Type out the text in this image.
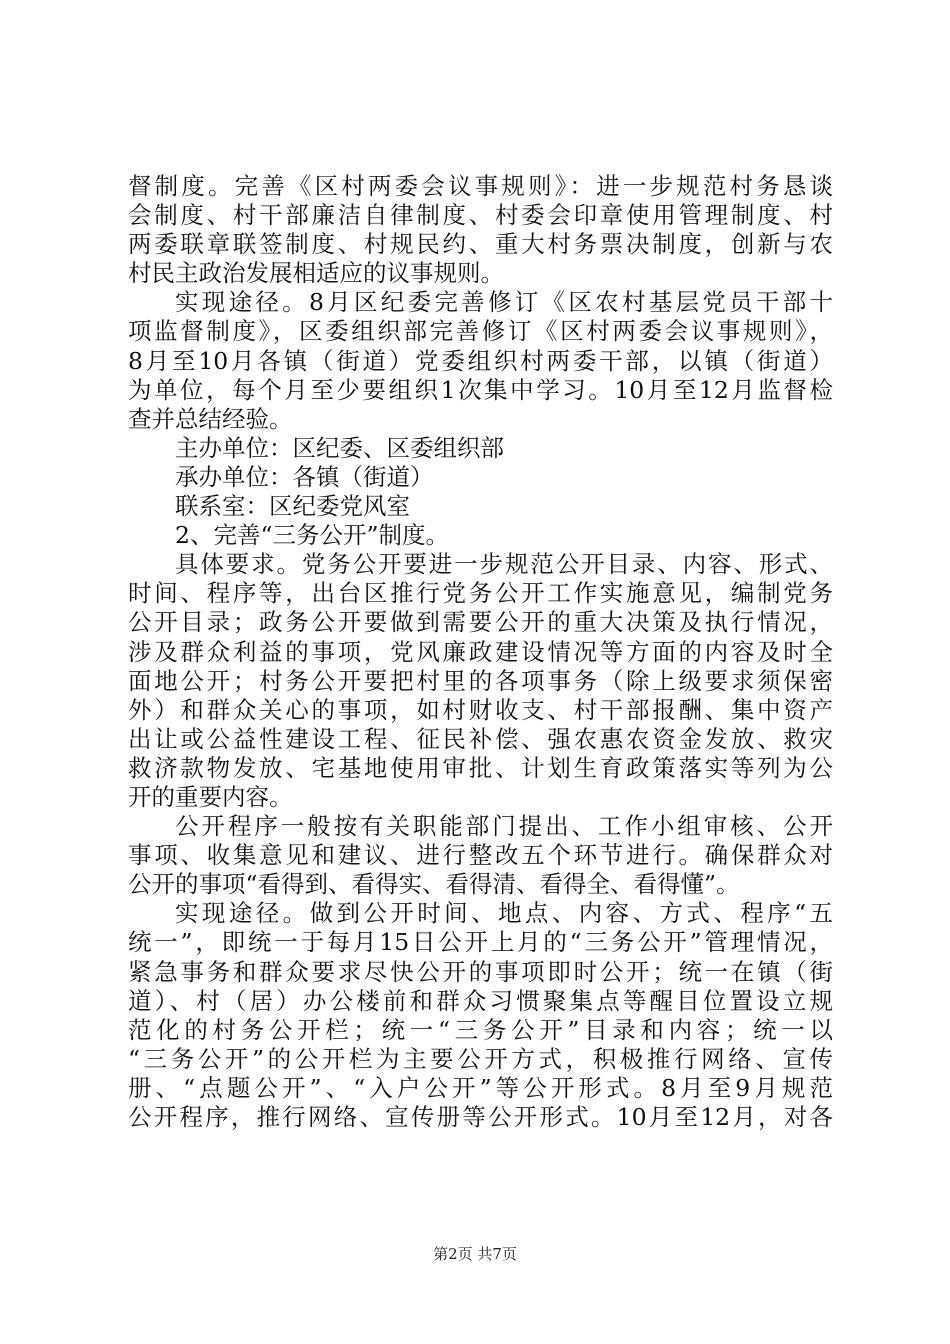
督制度。完善《区村两委会议事规则》：进一步规范村务恳谈
会制度、村干部廉洁自律制度、村委会印章使用管理制度、村
两委联章联签制度、村规民约、重大村务票决制度，创新与农
村民主政治发展相适应的议事规则。
实现途径。8月区纪委完善修订《区农村基层党员干部十
项监督制度》，区委组织部完善修订《区村两委会议事规则》，
8月至10月各镇（街道）党委组织村两委干部，以镇（街道）
为单位，每个月至少要组织1次集中学习。10月至12月监督检
查并总结经验。
主办单位：区纪委、区委组织部
承办单位：各镇（街道）
联系室：区纪委党风室
2、完善“三务公开”制度。
具体要求。党务公开要进一步规范公开目录、内容、形式、
时间、程序等，出台区推行党务公开工作实施意见，编制党务
公开目录；政务公开要做到需要公开的重大决策及执行情况，
涉及群众利益的事项，党风廉政建设情况等方面的内容及时全
面地公开；村务公开要把村里的各项事务（除上级要求须保密
外）和群众关心的事项，如村财收支、村干部报酬、集中资产
出让或公益性建设工程、征民补偿、强农惠农资金发放、救灾
救济款物发放、宅基地使用审批、计划生育政策落实等列为公
开的重要内容。
公开程序一般按有关职能部门提出、工作小组审核、公开
事项、收集意见和建议、进行整改五个环节进行。确保群众对
公开的事项“看得到、看得实、看得清、看得全、看得懂”。
实现途径。做到公开时间、地点、内容、方式、程序“五
统一”，即统一于每月15日公开上月的“三务公开”管理情况，
紧急事务和群众要求尽快公开的事项即时公开；统一在镇（街
道）、村（居）办公楼前和群众习惯聚集点等醒目位置设立规
范化的村务公开栏；统一“三务公开”目录和内容；统一以
“三务公开”的公开栏为主要公开方式，积极推行网络、宣传
册、“点题公开”、“入户公开”等公开形式。8月至9月规范
公开程序，推行网络、宣传册等公开形式。10月至12月，对各
第2页 共7页
